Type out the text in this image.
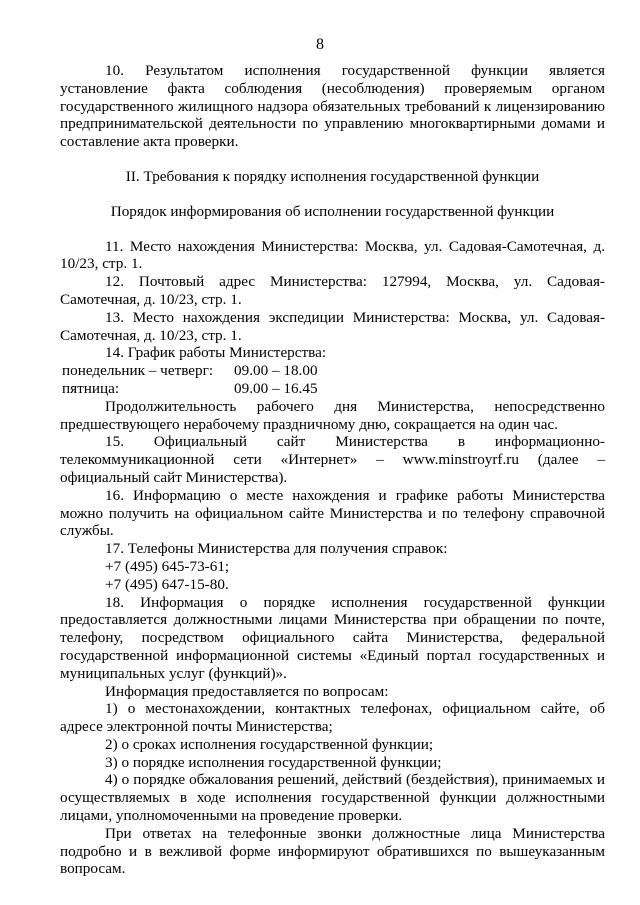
8

10. Результатом исполнения государственной функции является установление факта соблюдения (несоблюдения) проверяемым органом государственного жилищного надзора обязательных требований к лицензированию предпринимательской деятельности по управлению многоквартирными домами и составление акта проверки.

II. Требования к порядку исполнения государственной функции

Порядок информирования об исполнении государственной функции

11. Место нахождения Министерства: Москва, ул. Садовая-Самотечная, д. 10/23, стр. 1.

12. Почтовый адрес Министерства: 127994, Москва, ул. Садовая-Самотечная, д. 10/23, стр. 1.

13. Место нахождения экспедиции Министерства: Москва, ул. Садовая-Самотечная, д. 10/23, стр. 1.

14. График работы Министерства:

понедельник – четверг:	09.00 – 18.00
пятница:	09.00 – 16.45

Продолжительность рабочего дня Министерства, непосредственно предшествующего нерабочему праздничному дню, сокращается на один час.

15. Официальный сайт Министерства в информационно-телекоммуникационной сети «Интернет» – www.minstroyrf.ru (далее – официальный сайт Министерства).

16. Информацию о месте нахождения и графике работы Министерства можно получить на официальном сайте Министерства и по телефону справочной службы.

17. Телефоны Министерства для получения справок:

+7 (495) 645-73-61;

+7 (495) 647-15-80.

18. Информация о порядке исполнения государственной функции предоставляется должностными лицами Министерства при обращении по почте, телефону, посредством официального сайта Министерства, федеральной государственной информационной системы «Единый портал государственных и муниципальных услуг (функций)».

Информация предоставляется по вопросам:

1) о местонахождении, контактных телефонах, официальном сайте, об адресе электронной почты Министерства;

2) о сроках исполнения государственной функции;

3) о порядке исполнения государственной функции;

4) о порядке обжалования решений, действий (бездействия), принимаемых и осуществляемых в ходе исполнения государственной функции должностными лицами, уполномоченными на проведение проверки.

При ответах на телефонные звонки должностные лица Министерства подробно и в вежливой форме информируют обратившихся по вышеуказанным вопросам.
